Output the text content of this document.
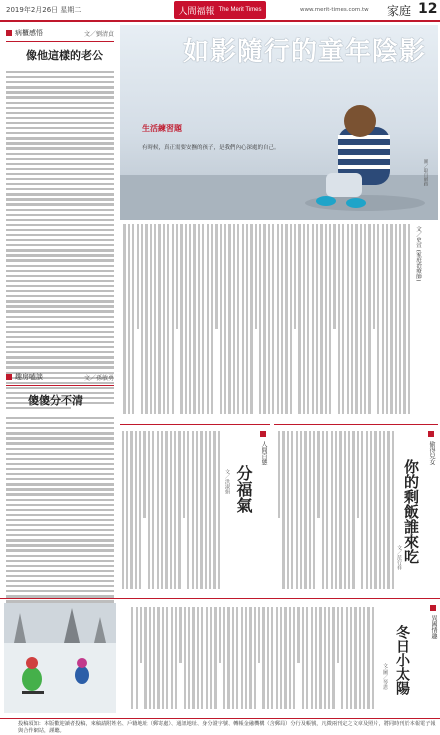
2019年2月26日 星期二	人間福報 The Merit Times	www.merit-times.com.tw 家庭 12
病櫃感悟	文／劉清貞
像他這樣的老公
趣房嗑談	文／孫敏勇
傻傻分不清
如影隨行的童年陰影
生活練習題
有時候，真正需要安撫的孩子，是我們內心深處的自己。
圖／取自網路
文／史宣 (家庭治療師)
人間百態
分福氣
文／洪淑娟
偷得兒女
你的剩飯誰來吃
文／范行祥
異國情趣
冬日小太陽
文·圖／琴恩
投稿須知：本版歡迎讀者投稿，來稿請附姓名、戶籍地址（郵寄處）、通訊地址、身分證字號、轉帳金融機構（含郵局）分行及帳號，凡徵兩刊定之文章及照片，將同時刊於本報電子報與合作網站，謹聽。
